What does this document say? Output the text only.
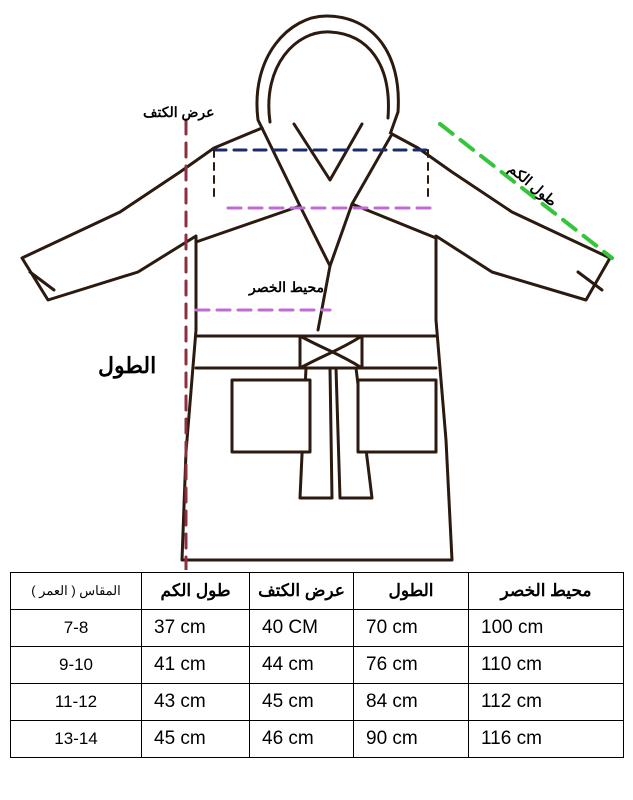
عرض الكتف
طول الكم
محيط الخصر
الطول
المقاس ( العمر )	طول الكم	عرض الكتف	الطول	محيط الخصر
7-8	37 cm	40 CM	70 cm	100 cm
9-10	41 cm	44 cm	76 cm	110 cm
11-12	43 cm	45 cm	84 cm	112 cm
13-14	45 cm	46 cm	90 cm	116 cm
